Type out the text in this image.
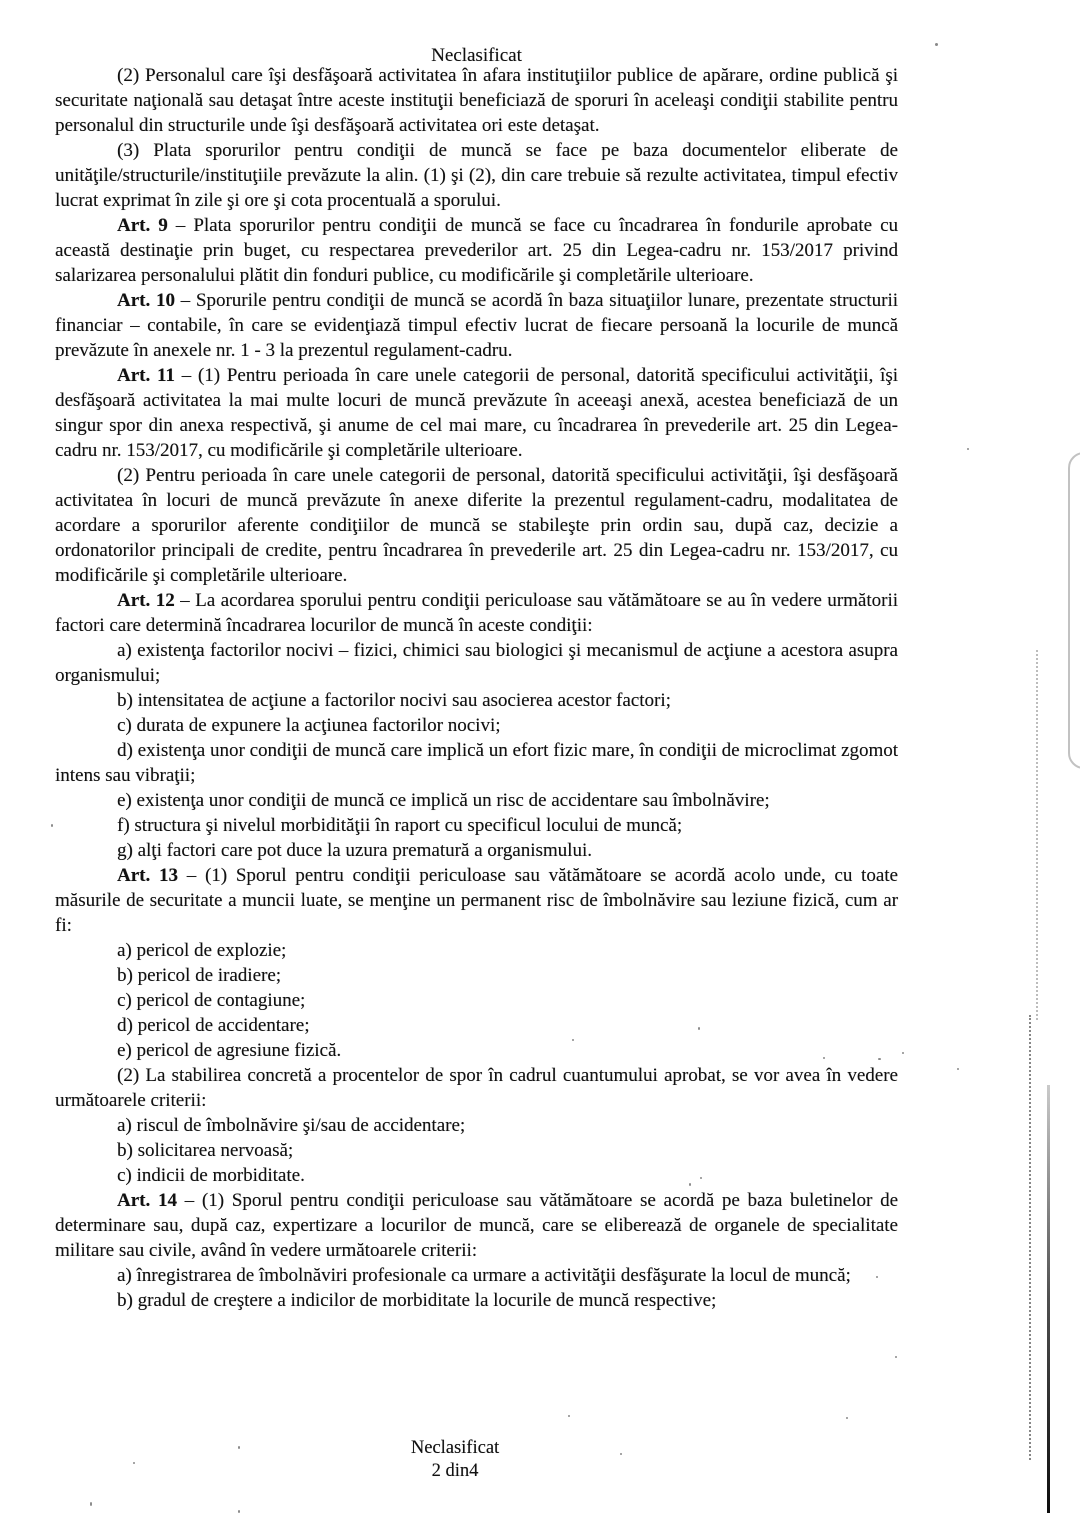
Neclasificat

(2) Personalul care îşi desfăşoară activitatea în afara instituţiilor publice de apărare, ordine publică şi securitate naţională sau detaşat între aceste instituţii beneficiază de sporuri în aceleaşi condiţii stabilite pentru personalul din structurile unde îşi desfăşoară activitatea ori este detaşat.

(3) Plata sporurilor pentru condiţii de muncă se face pe baza documentelor eliberate de unităţile/structurile/instituţiile prevăzute la alin. (1) şi (2), din care trebuie să rezulte activitatea, timpul efectiv lucrat exprimat în zile şi ore şi cota procentuală a sporului.

Art. 9 – Plata sporurilor pentru condiţii de muncă se face cu încadrarea în fondurile aprobate cu această destinaţie prin buget, cu respectarea prevederilor art. 25 din Legea-cadru nr. 153/2017 privind salarizarea personalului plătit din fonduri publice, cu modificările şi completările ulterioare.

Art. 10 – Sporurile pentru condiţii de muncă se acordă în baza situaţiilor lunare, prezentate structurii financiar – contabile, în care se evidenţiază timpul efectiv lucrat de fiecare persoană la locurile de muncă prevăzute în anexele nr. 1 - 3 la prezentul regulament-cadru.

Art. 11 – (1) Pentru perioada în care unele categorii de personal, datorită specificului activităţii, îşi desfăşoară activitatea la mai multe locuri de muncă prevăzute în aceeaşi anexă, acestea beneficiază de un singur spor din anexa respectivă, şi anume de cel mai mare, cu încadrarea în prevederile art. 25 din Legea-cadru nr. 153/2017, cu modificările şi completările ulterioare.

(2) Pentru perioada în care unele categorii de personal, datorită specificului activităţii, îşi desfăşoară activitatea în locuri de muncă prevăzute în anexe diferite la prezentul regulament-cadru, modalitatea de acordare a sporurilor aferente condiţiilor de muncă se stabileşte prin ordin sau, după caz, decizie a ordonatorilor principali de credite, pentru încadrarea în prevederile art. 25 din Legea-cadru nr. 153/2017, cu modificările şi completările ulterioare.

Art. 12 – La acordarea sporului pentru condiţii periculoase sau vătămătoare se au în vedere următorii factori care determină încadrarea locurilor de muncă în aceste condiţii:

a) existenţa factorilor nocivi – fizici, chimici sau biologici şi mecanismul de acţiune a acestora asupra organismului;

b) intensitatea de acţiune a factorilor nocivi sau asocierea acestor factori;

c) durata de expunere la acţiunea factorilor nocivi;

d) existenţa unor condiţii de muncă care implică un efort fizic mare, în condiţii de microclimat zgomot intens sau vibraţii;

e) existenţa unor condiţii de muncă ce implică un risc de accidentare sau îmbolnăvire;

f) structura şi nivelul morbidităţii în raport cu specificul locului de muncă;

g) alţi factori care pot duce la uzura prematură a organismului.

Art. 13 – (1) Sporul pentru condiţii periculoase sau vătămătoare se acordă acolo unde, cu toate măsurile de securitate a muncii luate, se menţine un permanent risc de îmbolnăvire sau leziune fizică, cum ar fi:

a) pericol de explozie;

b) pericol de iradiere;

c) pericol de contagiune;

d) pericol de accidentare;

e) pericol de agresiune fizică.

(2) La stabilirea concretă a procentelor de spor în cadrul cuantumului aprobat, se vor avea în vedere următoarele criterii:

a) riscul de îmbolnăvire şi/sau de accidentare;

b) solicitarea nervoasă;

c) indicii de morbiditate.

Art. 14 – (1) Sporul pentru condiţii periculoase sau vătămătoare se acordă pe baza buletinelor de determinare sau, după caz, expertizare a locurilor de muncă, care se eliberează de organele de specialitate militare sau civile, având în vedere următoarele criterii:

a) înregistrarea de îmbolnăviri profesionale ca urmare a activităţii desfăşurate la locul de muncă;

b) gradul de creştere a indicilor de morbiditate la locurile de muncă respective;

Neclasificat
2 din4
